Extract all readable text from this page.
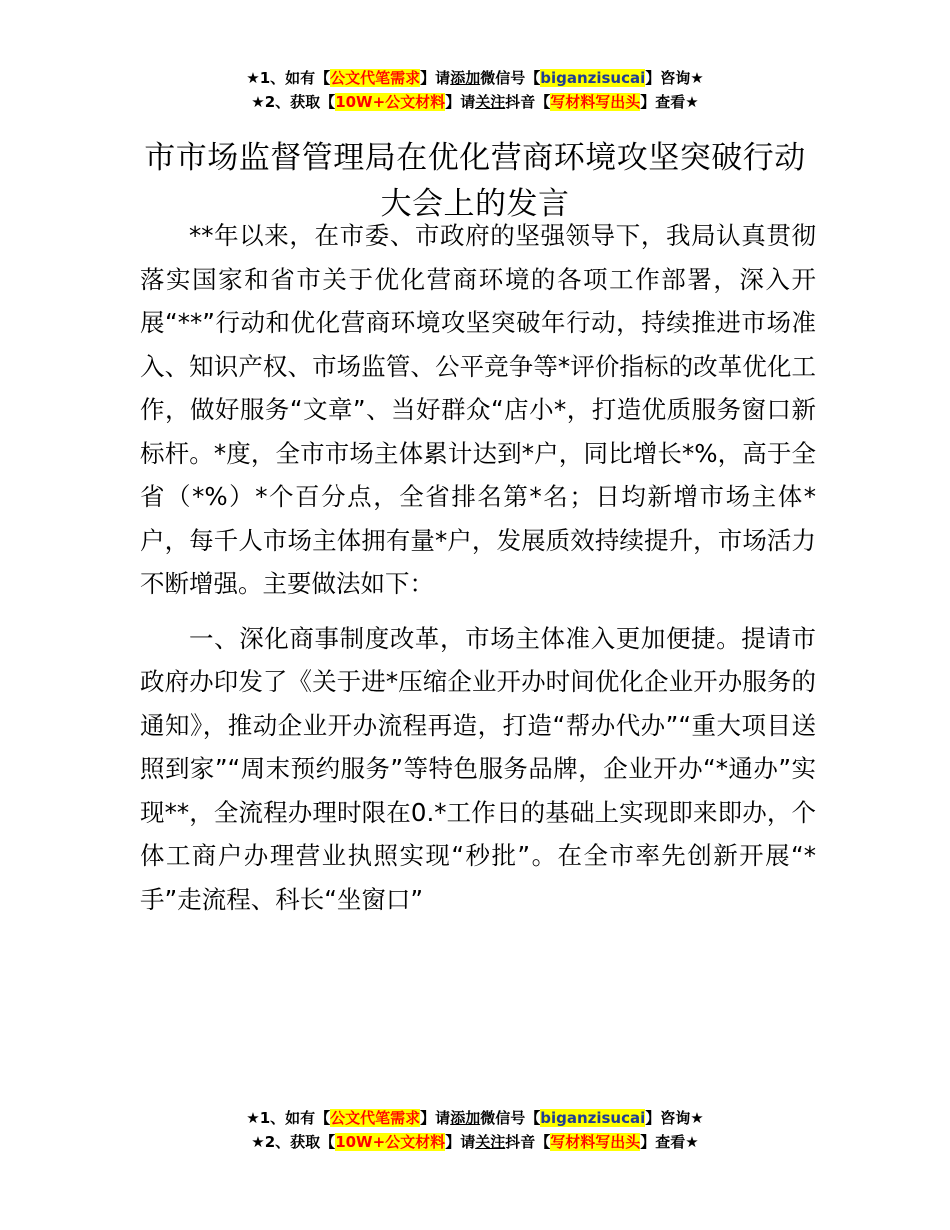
★1、如有【公文代笔需求】请添加微信号【biganzisucai】咨询★
★2、获取【10W+公文材料】请关注抖音【写材料写出头】查看★
市市场监督管理局在优化营商环境攻坚突破行动大会上的发言

**年以来，在市委、市政府的坚强领导下，我局认真贯彻落实国家和省市关于优化营商环境的各项工作部署，深入开展“**”行动和优化营商环境攻坚突破年行动，持续推进市场准入、知识产权、市场监管、公平竞争等*评价指标的改革优化工作，做好服务“文章”、当好群众“店小*，打造优质服务窗口新标杆。*度，全市市场主体累计达到*户，同比增长*%，高于全省（*%）*个百分点，全省排名第*名；日均新增市场主体*户，每千人市场主体拥有量*户，发展质效持续提升，市场活力不断增强。主要做法如下：

一、深化商事制度改革，市场主体准入更加便捷。提请市政府办印发了《关于进*压缩企业开办时间优化企业开办服务的通知》，推动企业开办流程再造，打造“帮办代办”“重大项目送照到家”“周末预约服务”等特色服务品牌，企业开办“*通办”实现**，全流程办理时限在0.*工作日的基础上实现即来即办，个体工商户办理营业执照实现“秒批”。在全市率先创新开展“*手”走流程、科长“坐窗口”

★1、如有【公文代笔需求】请添加微信号【biganzisucai】咨询★
★2、获取【10W+公文材料】请关注抖音【写材料写出头】查看★
